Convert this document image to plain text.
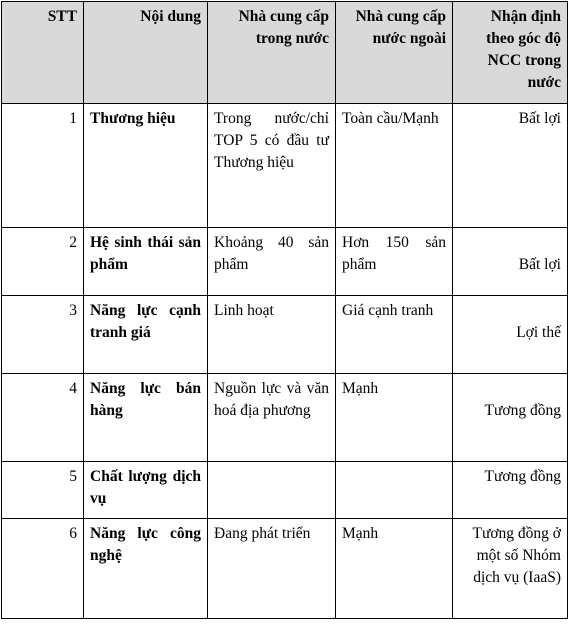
STT	Nội dung	Nhà cung cấp trong nước	Nhà cung cấp nước ngoài	Nhận định theo góc độ NCC trong nước
1	Thương hiệu	Trong nước/chỉ TOP 5 có đầu tư Thương hiệu	Toàn cầu/Mạnh	Bất lợi
2	Hệ sinh thái sản phẩm	Khoảng 40 sản phẩm	Hơn 150 sản phẩm	Bất lợi
3	Năng lực cạnh tranh giá	Linh hoạt	Giá cạnh tranh	Lợi thế
4	Năng lực bán hàng	Nguồn lực và văn hoá địa phương	Mạnh	Tương đồng
5	Chất lượng dịch vụ			Tương đồng
6	Năng lực công nghệ	Đang phát triển	Mạnh	Tương đồng ở một số Nhóm dịch vụ (IaaS)
